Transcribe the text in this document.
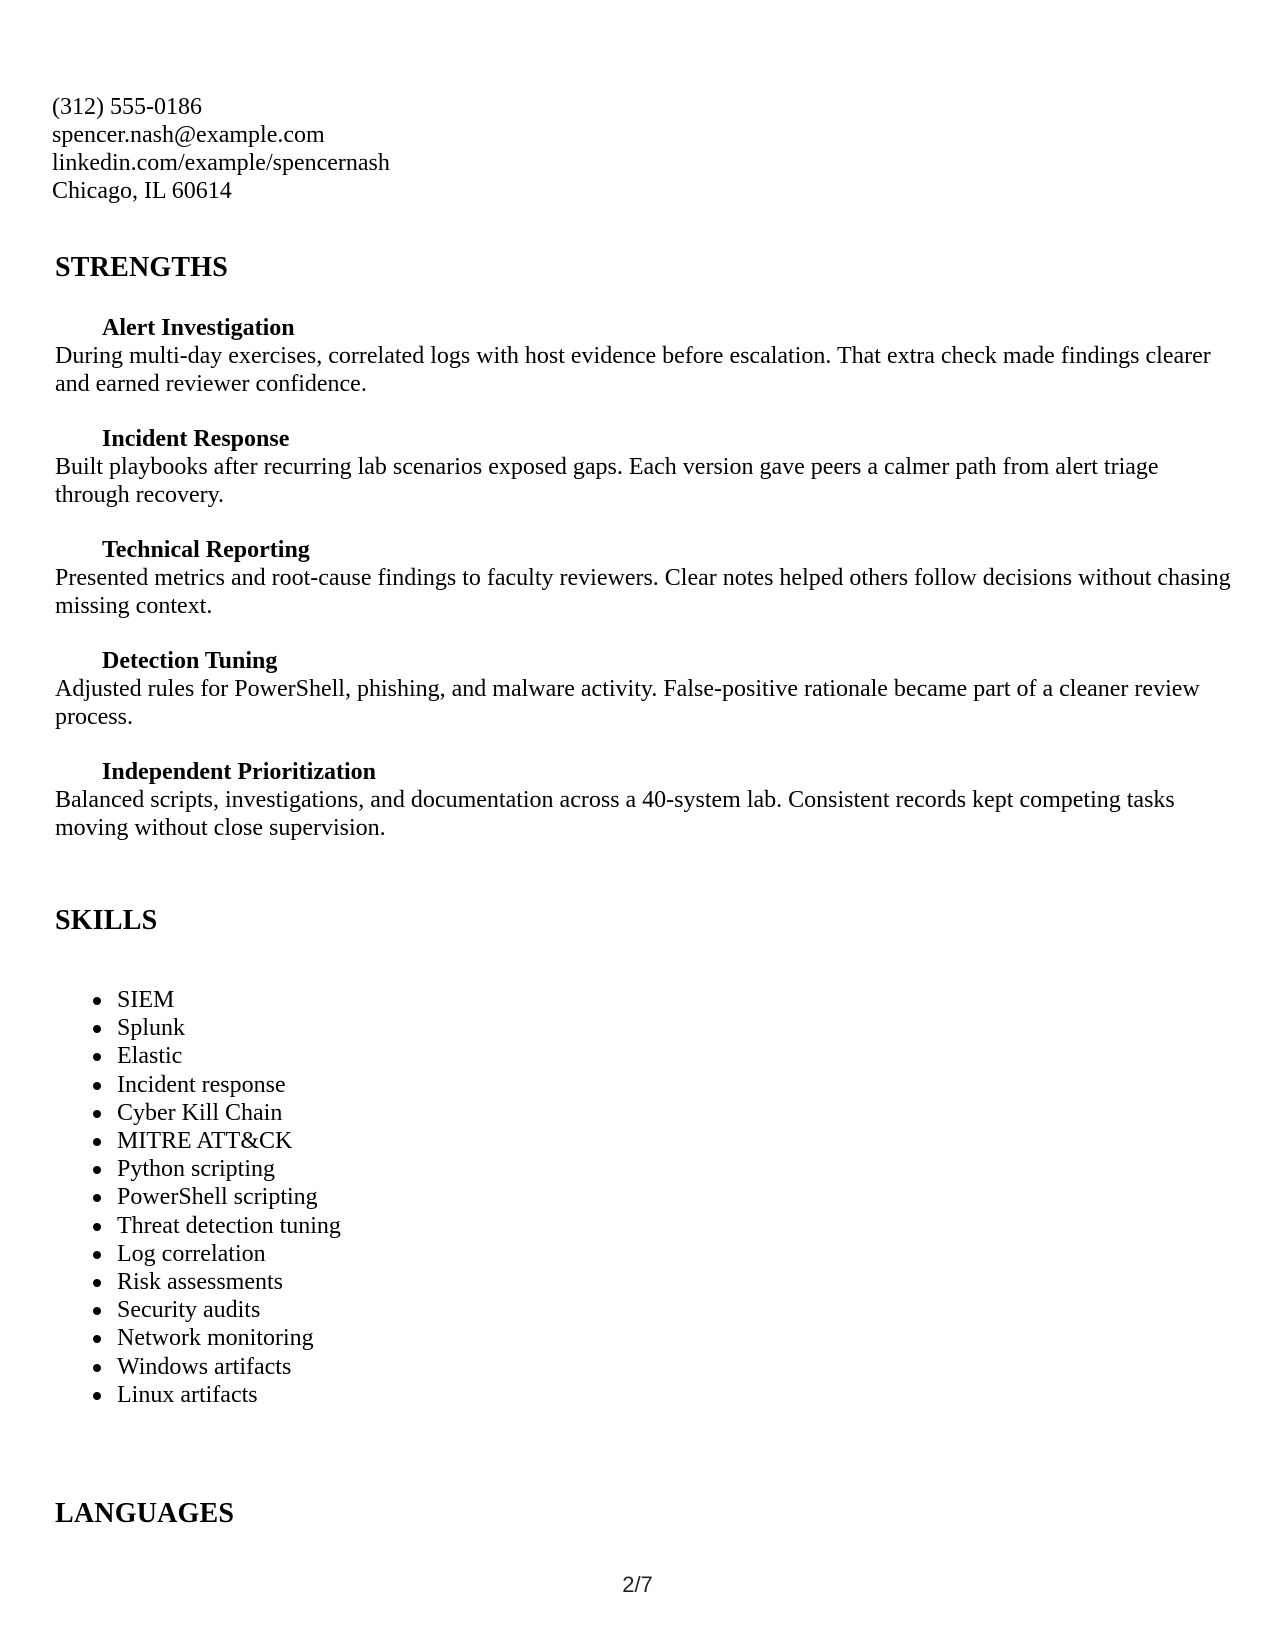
(312) 555-0186
spencer.nash@example.com
linkedin.com/example/spencernash
Chicago, IL 60614
STRENGTHS
Alert Investigation
During multi-day exercises, correlated logs with host evidence before escalation. That extra check made findings clearer and earned reviewer confidence.
Incident Response
Built playbooks after recurring lab scenarios exposed gaps. Each version gave peers a calmer path from alert triage through recovery.
Technical Reporting
Presented metrics and root-cause findings to faculty reviewers. Clear notes helped others follow decisions without chasing missing context.
Detection Tuning
Adjusted rules for PowerShell, phishing, and malware activity. False-positive rationale became part of a cleaner review process.
Independent Prioritization
Balanced scripts, investigations, and documentation across a 40-system lab. Consistent records kept competing tasks moving without close supervision.
SKILLS
SIEM
Splunk
Elastic
Incident response
Cyber Kill Chain
MITRE ATT&CK
Python scripting
PowerShell scripting
Threat detection tuning
Log correlation
Risk assessments
Security audits
Network monitoring
Windows artifacts
Linux artifacts
LANGUAGES
2/7
